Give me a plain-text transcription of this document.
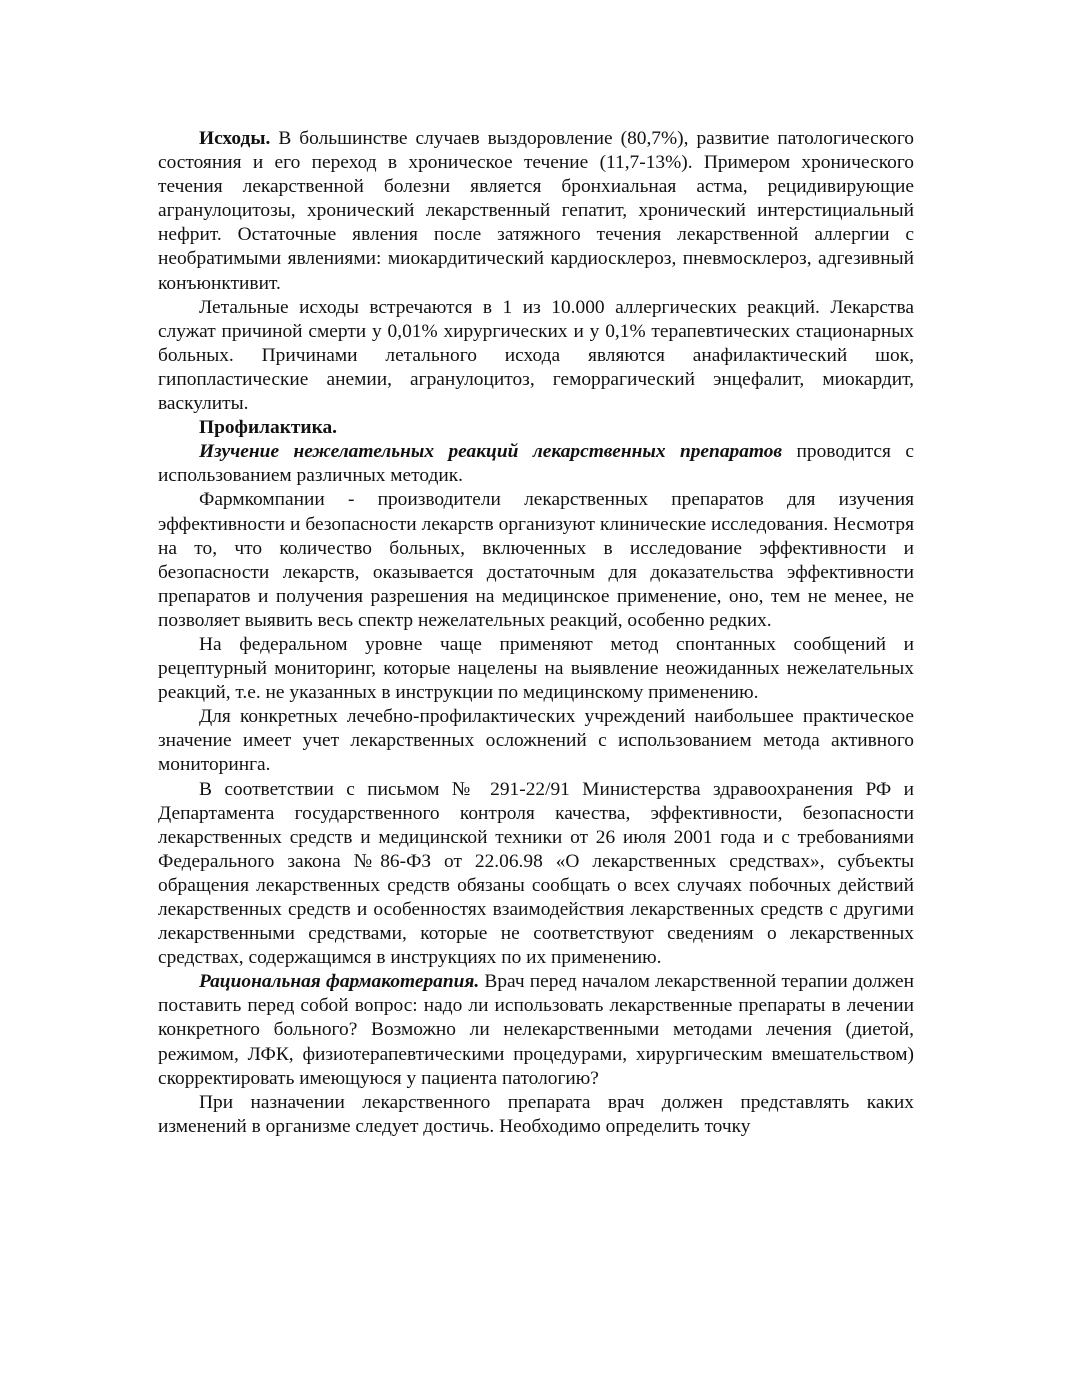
Исходы. В большинстве случаев выздоровление (80,7%), развитие патологического состояния и его переход в хроническое течение (11,7-13%). Примером хронического течения лекарственной болезни является бронхиальная астма, рецидивирующие агранулоцитозы, хронический лекарственный гепатит, хронический интерстициальный нефрит. Остаточные явления после затяжного течения лекарственной аллергии с необратимыми явлениями: миокардитический кардиосклероз, пневмосклероз, адгезивный конъюнктивит.

Летальные исходы встречаются в 1 из 10.000 аллергических реакций. Лекарства служат причиной смерти у 0,01% хирургических и у 0,1% терапевтических стационарных больных. Причинами летального исхода являются анафилактический шок, гипопластические анемии, агранулоцитоз, геморрагический энцефалит, миокардит, васкулиты.

Профилактика.

Изучение нежелательных реакций лекарственных препаратов проводится с использованием различных методик.

Фармкомпании - производители лекарственных препаратов для изучения эффективности и безопасности лекарств организуют клинические исследования. Несмотря на то, что количество больных, включенных в исследование эффективности и безопасности лекарств, оказывается достаточным для доказательства эффективности препаратов и получения разрешения на медицинское применение, оно, тем не менее, не позволяет выявить весь спектр нежелательных реакций, особенно редких.

На федеральном уровне чаще применяют метод спонтанных сообщений и рецептурный мониторинг, которые нацелены на выявление неожиданных нежелательных реакций, т.е. не указанных в инструкции по медицинскому применению.

Для конкретных лечебно-профилактических учреждений наибольшее практическое значение имеет учет лекарственных осложнений с использованием метода активного мониторинга.

В соответствии с письмом № 291-22/91 Министерства здравоохранения РФ и Департамента государственного контроля качества, эффективности, безопасности лекарственных средств и медицинской техники от 26 июля 2001 года и с требованиями Федерального закона №86-ФЗ от 22.06.98 «О лекарственных средствах», субъекты обращения лекарственных средств обязаны сообщать о всех случаях побочных действий лекарственных средств и особенностях взаимодействия лекарственных средств с другими лекарственными средствами, которые не соответствуют сведениям о лекарственных средствах, содержащимся в инструкциях по их применению.

Рациональная фармакотерапия. Врач перед началом лекарственной терапии должен поставить перед собой вопрос: надо ли использовать лекарственные препараты в лечении конкретного больного? Возможно ли нелекарственными методами лечения (диетой, режимом, ЛФК, физиотерапевтическими процедурами, хирургическим вмешательством) скорректировать имеющуюся у пациента патологию?

При назначении лекарственного препарата врач должен представлять каких изменений в организме следует достичь. Необходимо определить точку
